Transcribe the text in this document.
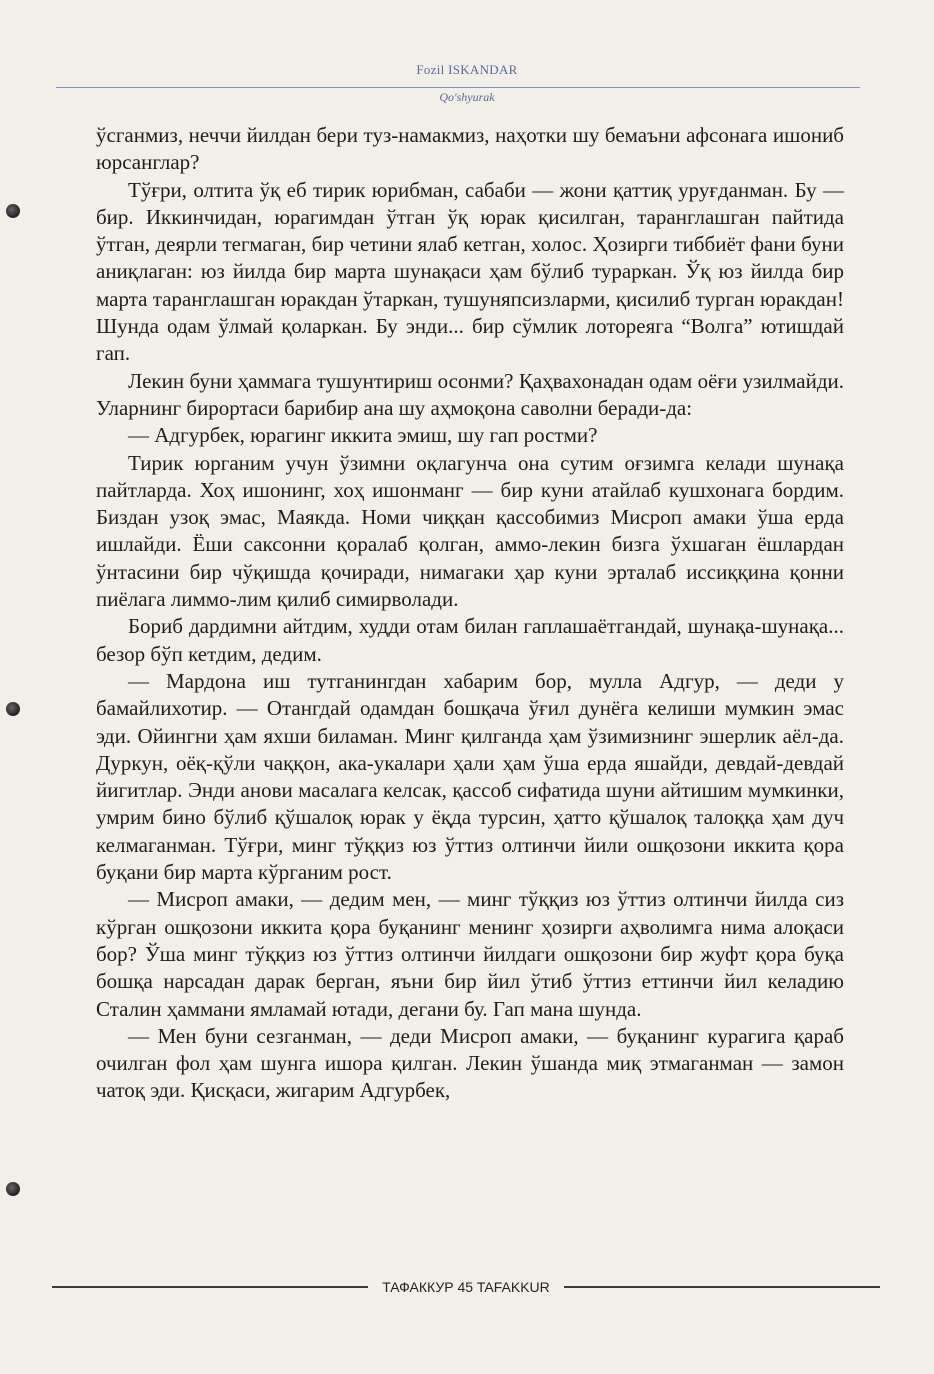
Fozil ISKANDAR
Qo'shyurak

ўсганмиз, неччи йилдан бери туз-намакмиз, наҳотки шу бемаъни афсонага ишониб юрсанглар?

Тўғри, олтита ўқ еб тирик юрибман, сабаби — жони қаттиқ уруғданман. Бу — бир. Иккинчидан, юрагимдан ўтган ўқ юрак қисилган, таранглашган пайтида ўтган, деярли тегмаган, бир четини ялаб кетган, холос. Ҳозирги тиббиёт фани буни аниқлаган: юз йилда бир марта шунақаси ҳам бўлиб тураркан. Ўқ юз йилда бир марта таранглашган юракдан ўтаркан, тушуняпсизларми, қисилиб турган юракдан! Шунда одам ўлмай қоларкан. Бу энди... бир сўмлик лотореяга “Волга” ютишдай гап.

Лекин буни ҳаммага тушунтириш осонми? Қаҳвахонадан одам оёғи узилмайди. Уларнинг бирортаси барибир ана шу аҳмоқона саволни беради-да:

— Адгурбек, юрагинг иккита эмиш, шу гап ростми?

Тирик юрганим учун ўзимни оқлагунча она сутим оғзимга келади шунақа пайтларда. Хоҳ ишонинг, хоҳ ишонманг — бир куни атайлаб кушхонага бордим. Биздан узоқ эмас, Маякда. Номи чиққан қассобимиз Мисроп амаки ўша ерда ишлайди. Ёши саксонни қоралаб қолган, аммо-лекин бизга ўхшаган ёшлардан ўнтасини бир чўқишда қочиради, нимагаки ҳар куни эрталаб иссиққина қонни пиёлага лиммо-лим қилиб симирволади.

Бориб дардимни айтдим, худди отам билан гаплашаётгандай, шунақа-шунақа... безор бўп кетдим, дедим.

— Мардона иш тутганингдан хабарим бор, мулла Адгур, — деди у бамайлихотир. — Отангдай одамдан бошқача ўғил дунёга келиши мумкин эмас эди. Ойингни ҳам яхши биламан. Минг қилганда ҳам ўзимизнинг эшерлик аёл-да. Дуркун, оёқ-қўли чаққон, ака-укалари ҳали ҳам ўша ерда яшайди, девдай-девдай йигитлар. Энди анови масалага келсак, қассоб сифатида шуни айтишим мумкинки, умрим бино бўлиб қўшалоқ юрак у ёқда турсин, ҳатто қўшалоқ талоққа ҳам дуч келмаганман. Тўғри, минг тўққиз юз ўттиз олтинчи йили ошқозони иккита қора буқани бир марта кўрганим рост.

— Мисроп амаки, — дедим мен, — минг тўққиз юз ўттиз олтинчи йилда сиз кўрган ошқозони иккита қора буқанинг менинг ҳозирги аҳволимга нима алоқаси бор? Ўша минг тўққиз юз ўттиз олтинчи йилдаги ошқозони бир жуфт қора буқа бошқа нарсадан дарак берган, яъни бир йил ўтиб ўттиз еттинчи йил келадию Сталин ҳаммани ямламай ютади, дегани бу. Гап мана шунда.

— Мен буни сезганман, — деди Мисроп амаки, — буқанинг курагига қараб очилган фол ҳам шунга ишора қилган. Лекин ўшанда миқ этмаганман — замон чатоқ эди. Қисқаси, жигарим Адгурбек,

ТАФАККУР 45 TAFAKKUR
